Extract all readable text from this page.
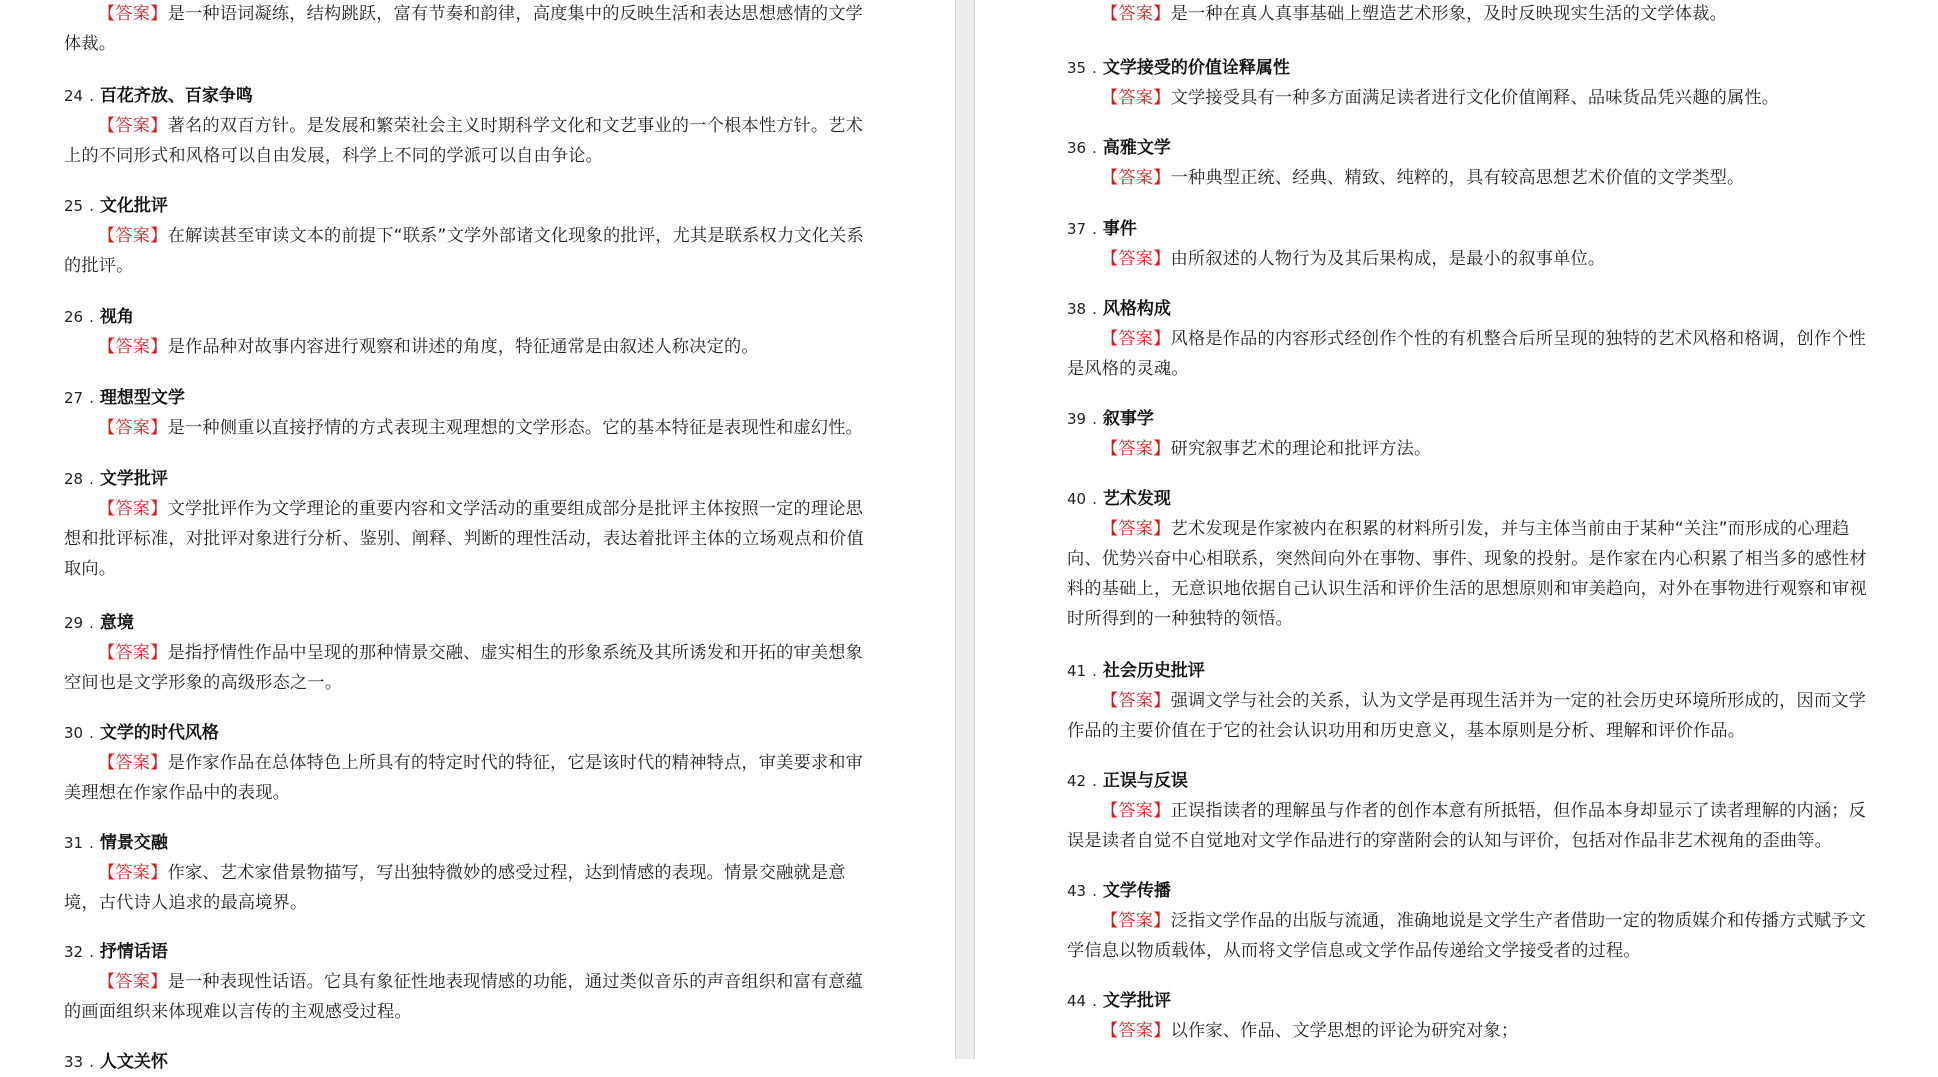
【答案】是一种语词凝练，结构跳跃，富有节奏和韵律，高度集中的反映生活和表达思想感情的文学体裁。

24 . 百花齐放、百家争鸣

【答案】著名的双百方针。是发展和繁荣社会主义时期科学文化和文艺事业的一个根本性方针。艺术上的不同形式和风格可以自由发展，科学上不同的学派可以自由争论。

25 . 文化批评

【答案】在解读甚至审读文本的前提下“联系”文学外部诸文化现象的批评，尤其是联系权力文化关系的批评。

26 . 视角

【答案】是作品种对故事内容进行观察和讲述的角度，特征通常是由叙述人称决定的。

27 . 理想型文学

【答案】是一种侧重以直接抒情的方式表现主观理想的文学形态。它的基本特征是表现性和虚幻性。

28 . 文学批评

【答案】文学批评作为文学理论的重要内容和文学活动的重要组成部分是批评主体按照一定的理论思想和批评标准，对批评对象进行分析、鉴别、阐释、判断的理性活动，表达着批评主体的立场观点和价值取向。

29 . 意境

【答案】是指抒情性作品中呈现的那种情景交融、虚实相生的形象系统及其所诱发和开拓的审美想象空间也是文学形象的高级形态之一。

30 . 文学的时代风格

【答案】是作家作品在总体特色上所具有的特定时代的特征，它是该时代的精神特点，审美要求和审美理想在作家作品中的表现。

31 . 情景交融

【答案】作家、艺术家借景物描写，写出独特微妙的感受过程，达到情感的表现。情景交融就是意境，古代诗人追求的最高境界。

32 . 抒情话语

【答案】是一种表现性话语。它具有象征性地表现情感的功能，通过类似音乐的声音组织和富有意蕴的画面组织来体现难以言传的主观感受过程。

33 . 人文关怀

【答案】是一种在真人真事基础上塑造艺术形象，及时反映现实生活的文学体裁。

35 . 文学接受的价值诠释属性

【答案】文学接受具有一种多方面满足读者进行文化价值阐释、品味货品凭兴趣的属性。

36 . 高雅文学

【答案】一种典型正统、经典、精致、纯粹的，具有较高思想艺术价值的文学类型。

37 . 事件

【答案】由所叙述的人物行为及其后果构成，是最小的叙事单位。

38 . 风格构成

【答案】风格是作品的内容形式经创作个性的有机整合后所呈现的独特的艺术风格和格调，创作个性是风格的灵魂。

39 . 叙事学

【答案】研究叙事艺术的理论和批评方法。

40 . 艺术发现

【答案】艺术发现是作家被内在积累的材料所引发，并与主体当前由于某种“关注”而形成的心理趋向、优势兴奋中心相联系，突然间向外在事物、事件、现象的投射。是作家在内心积累了相当多的感性材料的基础上，无意识地依据自己认识生活和评价生活的思想原则和审美趋向，对外在事物进行观察和审视时所得到的一种独特的领悟。

41 . 社会历史批评

【答案】强调文学与社会的关系，认为文学是再现生活并为一定的社会历史环境所形成的，因而文学作品的主要价值在于它的社会认识功用和历史意义，基本原则是分析、理解和评价作品。

42 . 正误与反误

【答案】正误指读者的理解虽与作者的创作本意有所抵牾，但作品本身却显示了读者理解的内涵；反误是读者自觉不自觉地对文学作品进行的穿凿附会的认知与评价，包括对作品非艺术视角的歪曲等。

43 . 文学传播

【答案】泛指文学作品的出版与流通，准确地说是文学生产者借助一定的物质媒介和传播方式赋予文学信息以物质载体，从而将文学信息或文学作品传递给文学接受者的过程。

44 . 文学批评

【答案】以作家、作品、文学思想的评论为研究对象；
